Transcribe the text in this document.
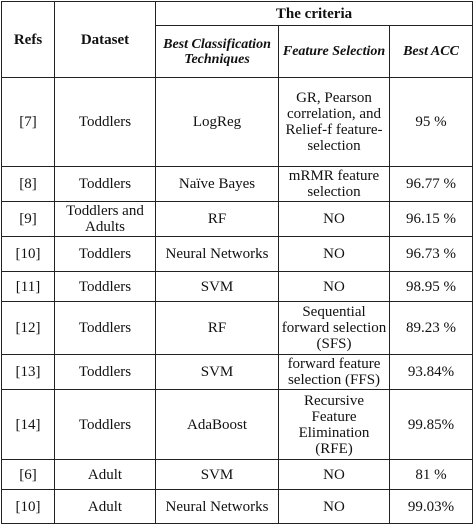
Refs	Dataset	The criteria		
		Best Classification Techniques	Feature Selection	Best ACC
[7]	Toddlers	LogReg	GR, Pearson correlation, and Relief-f feature-selection	95 %
[8]	Toddlers	Naïve Bayes	mRMR feature selection	96.77 %
[9]	Toddlers and Adults	RF	NO	96.15 %
[10]	Toddlers	Neural Networks	NO	96.73 %
[11]	Toddlers	SVM	NO	98.95 %
[12]	Toddlers	RF	Sequential forward selection (SFS)	89.23 %
[13]	Toddlers	SVM	forward feature selection (FFS)	93.84%
[14]	Toddlers	AdaBoost	Recursive Feature Elimination (RFE)	99.85%
[6]	Adult	SVM	NO	81 %
[10]	Adult	Neural Networks	NO	99.03%
